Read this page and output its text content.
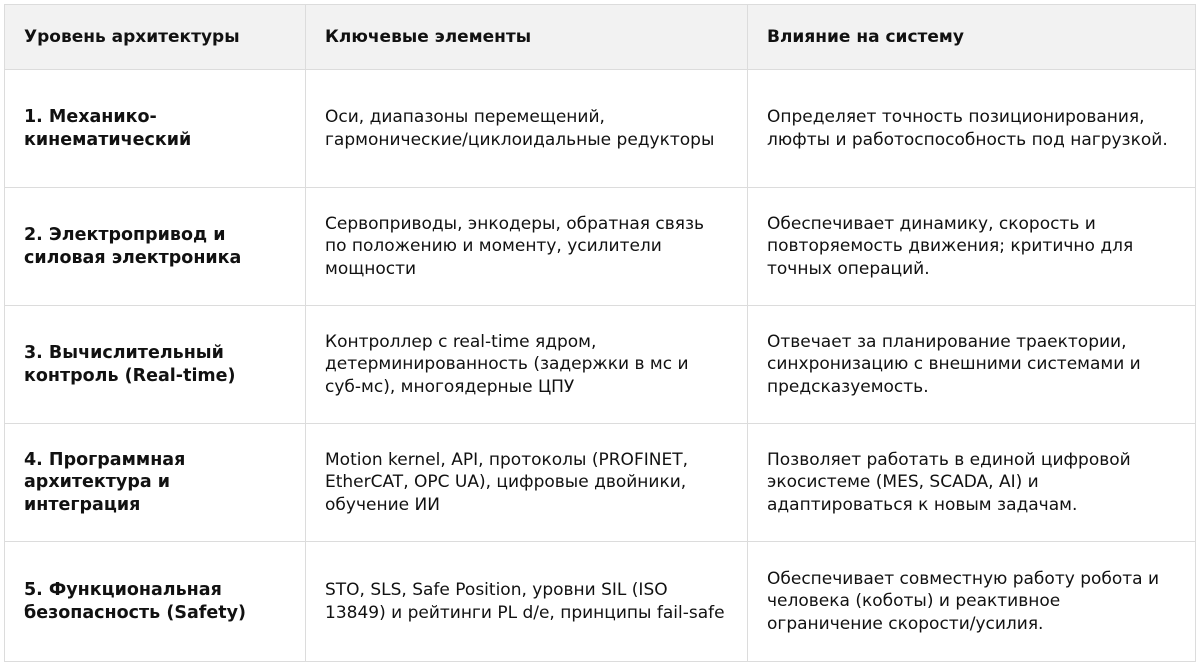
Уровень архитектуры	Ключевые элементы	Влияние на систему
1. Механико-кинематический	Оси, диапазоны перемещений, гармонические/циклоидальные редукторы	Определяет точность позиционирования, люфты и работоспособность под нагрузкой.
2. Электропривод и силовая электроника	Сервоприводы, энкодеры, обратная связь по положению и моменту, усилители мощности	Обеспечивает динамику, скорость и повторяемость движения; критично для точных операций.
3. Вычислительный контроль (Real-time)	Контроллер с real-time ядром, детерминированность (задержки в мс и суб-мс), многоядерные ЦПУ	Отвечает за планирование траектории, синхронизацию с внешними системами и предсказуемость.
4. Программная архитектура и интеграция	Motion kernel, API, протоколы (PROFINET, EtherCAT, OPC UA), цифровые двойники, обучение ИИ	Позволяет работать в единой цифровой экосистеме (MES, SCADA, AI) и адаптироваться к новым задачам.
5. Функциональная безопасность (Safety)	STO, SLS, Safe Position, уровни SIL (ISO 13849) и рейтинги PL d/e, принципы fail-safe	Обеспечивает совместную работу робота и человека (коботы) и реактивное ограничение скорости/усилия.
